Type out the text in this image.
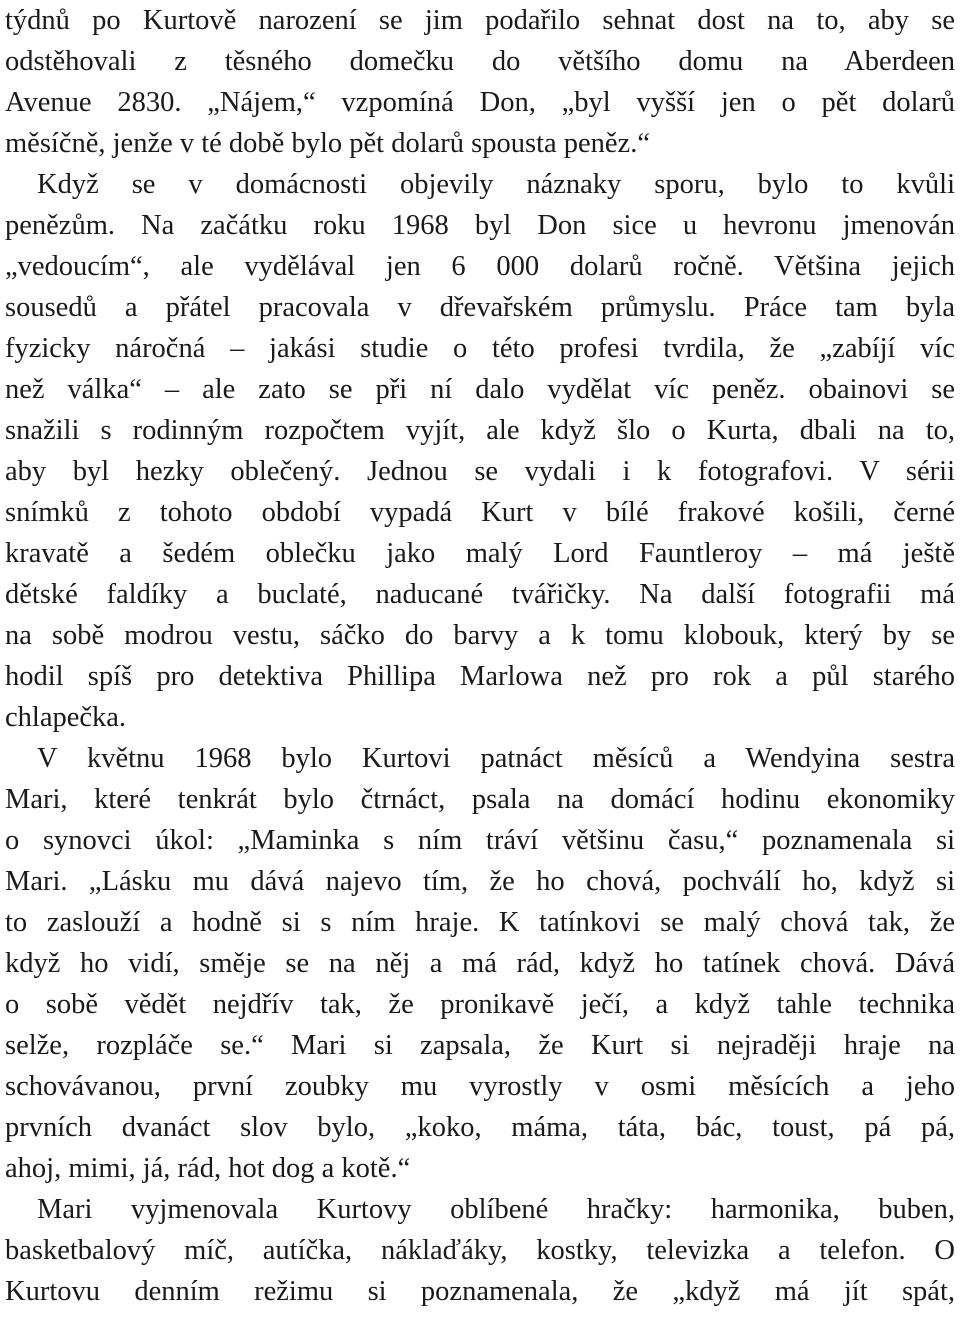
týdnů po Kurtově narození se jim podařilo sehnat dost na to, aby se
odstěhovali z těsného domečku do většího domu na Aberdeen
Avenue 2830. „Nájem,“ vzpomíná Don, „byl vyšší jen o pět dolarů
měsíčně, jenže v té době bylo pět dolarů spousta peněz.“
Když se v domácnosti objevily náznaky sporu, bylo to kvůli
penězům. Na začátku roku 1968 byl Don sice u hevronu jmenován
„vedoucím“, ale vydělával jen 6 000 dolarů ročně. Většina jejich
sousedů a přátel pracovala v dřevařském průmyslu. Práce tam byla
fyzicky náročná – jakási studie o této profesi tvrdila, že „zabíjí víc
než válka“ – ale zato se při ní dalo vydělat víc peněz. obainovi se
snažili s rodinným rozpočtem vyjít, ale když šlo o Kurta, dbali na to,
aby byl hezky oblečený. Jednou se vydali i k fotografovi. V sérii
snímků z tohoto období vypadá Kurt v bílé frakové košili, černé
kravatě a šedém oblečku jako malý Lord Fauntleroy – má ještě
dětské faldíky a buclaté, naducané tvářičky. Na další fotografii má
na sobě modrou vestu, sáčko do barvy a k tomu klobouk, který by se
hodil spíš pro detektiva Phillipa Marlowa než pro rok a půl starého
chlapečka.
V květnu 1968 bylo Kurtovi patnáct měsíců a Wendyina sestra
Mari, které tenkrát bylo čtrnáct, psala na domácí hodinu ekonomiky
o synovci úkol: „Maminka s ním tráví většinu času,“ poznamenala si
Mari. „Lásku mu dává najevo tím, že ho chová, pochválí ho, když si
to zaslouží a hodně si s ním hraje. K tatínkovi se malý chová tak, že
když ho vidí, směje se na něj a má rád, když ho tatínek chová. Dává
o sobě vědět nejdřív tak, že pronikavě ječí, a když tahle technika
selže, rozpláče se.“ Mari si zapsala, že Kurt si nejraději hraje na
schovávanou, první zoubky mu vyrostly v osmi měsících a jeho
prvních dvanáct slov bylo, „koko, máma, táta, bác, toust, pá pá,
ahoj, mimi, já, rád, hot dog a kotě.“
Mari vyjmenovala Kurtovy oblíbené hračky: harmonika, buben,
basketbalový míč, autíčka, náklaďáky, kostky, televizka a telefon. O
Kurtovu denním režimu si poznamenala, že „když má jít spát,
